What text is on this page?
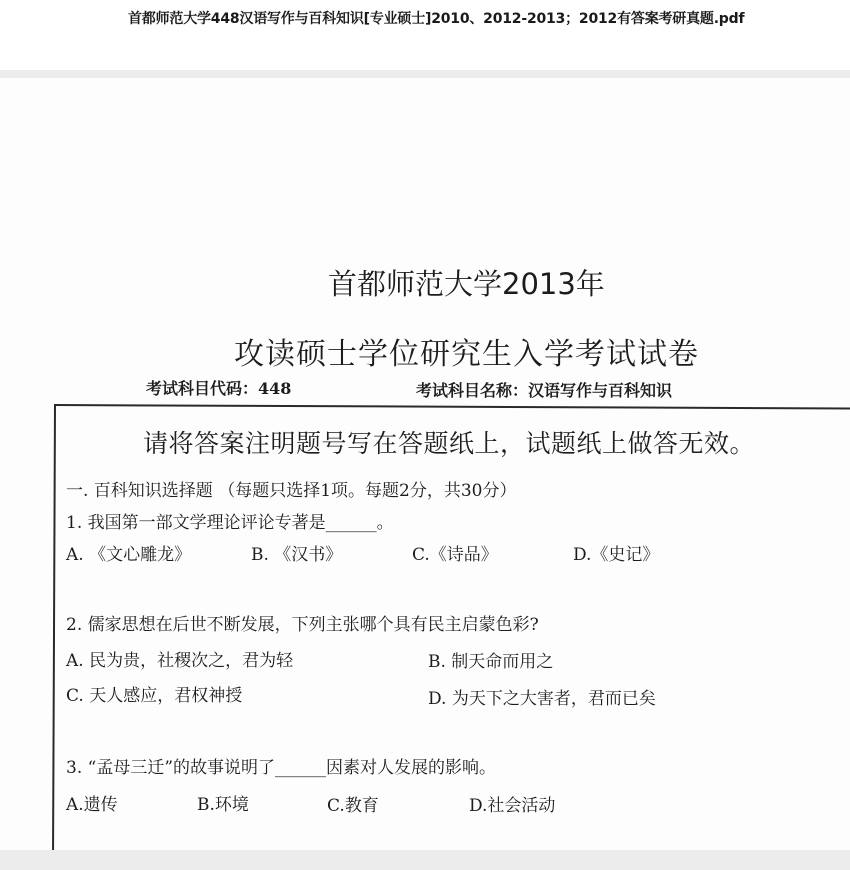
首都师范大学448汉语写作与百科知识[专业硕士]2010、2012-2013；2012有答案考研真题.pdf
首都师范大学2013年
攻读硕士学位研究生入学考试试卷
考试科目代码：448	考试科目名称：汉语写作与百科知识
请将答案注明题号写在答题纸上，试题纸上做答无效。
一. 百科知识选择题 （每题只选择1项。每题2分，共30分）
1. 我国第一部文学理论评论专著是______。
A. 《文心雕龙》	B. 《汉书》	C.《诗品》	D.《史记》
2. 儒家思想在后世不断发展，下列主张哪个具有民主启蒙色彩?
A. 民为贵，社稷次之，君为轻	B. 制天命而用之
C. 天人感应，君权神授	D. 为天下之大害者，君而已矣
3. “孟母三迁”的故事说明了______因素对人发展的影响。
A.遗传	B.环境	C.教育	D.社会活动
